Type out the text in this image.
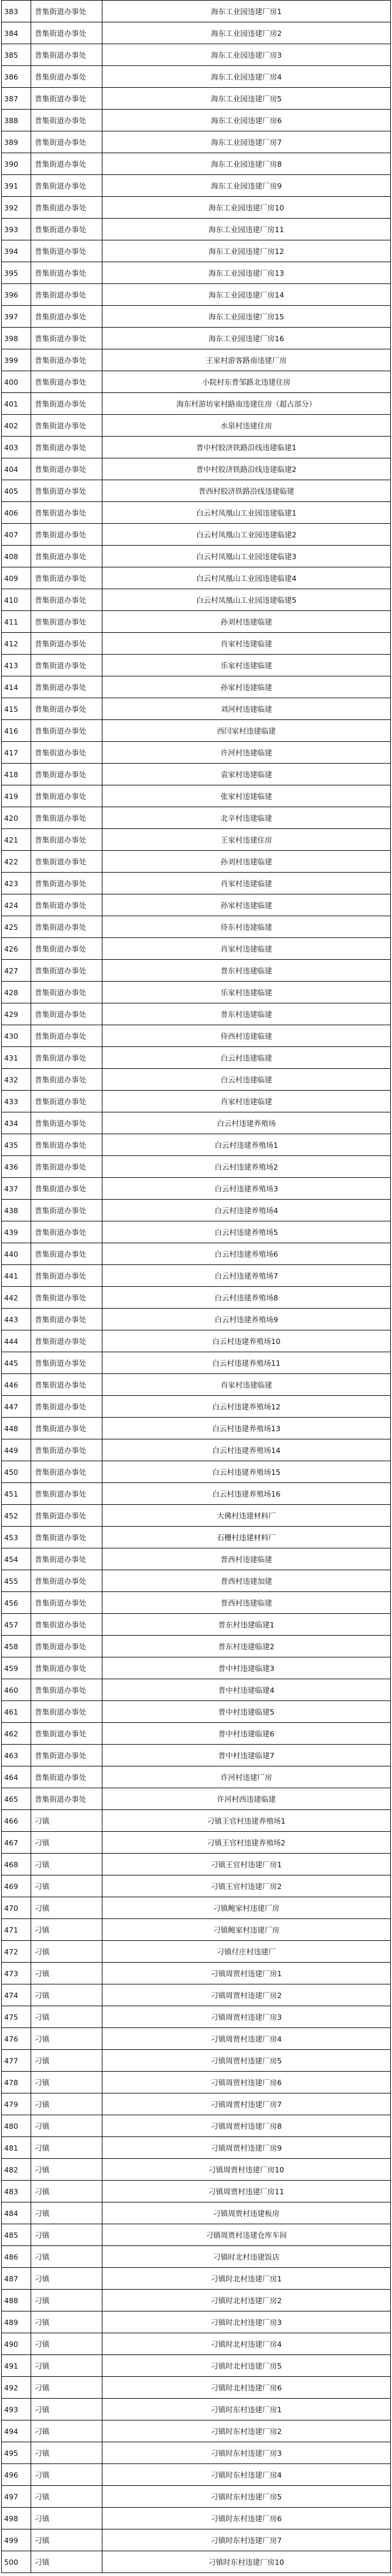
383	普集街道办事处	海东工业园违建厂房1
384	普集街道办事处	海东工业园违建厂房2
385	普集街道办事处	海东工业园违建厂房3
386	普集街道办事处	海东工业园违建厂房4
387	普集街道办事处	海东工业园违建厂房5
388	普集街道办事处	海东工业园违建厂房6
389	普集街道办事处	海东工业园违建厂房7
390	普集街道办事处	海东工业园违建厂房8
391	普集街道办事处	海东工业园违建厂房9
392	普集街道办事处	海东工业园违建厂房10
393	普集街道办事处	海东工业园违建厂房11
394	普集街道办事处	海东工业园违建厂房12
395	普集街道办事处	海东工业园违建厂房13
396	普集街道办事处	海东工业园违建厂房14
397	普集街道办事处	海东工业园违建厂房15
398	普集街道办事处	海东工业园违建厂房16
399	普集街道办事处	王家村游客路南违建厂房
400	普集街道办事处	小院村东普邹路北违建住房
401	普集街道办事处	海东村游坊家村路南违建住房（超占部分）
402	普集街道办事处	水泉村违建住房
403	普集街道办事处	普中村胶济铁路沿线违建临建1
404	普集街道办事处	普中村胶济铁路沿线违建临建2
405	普集街道办事处	普西村胶济铁路沿线违建临建
406	普集街道办事处	白云村凤凰山工业园违建临建1
407	普集街道办事处	白云村凤凰山工业园违建临建2
408	普集街道办事处	白云村凤凰山工业园违建临建3
409	普集街道办事处	白云村凤凰山工业园违建临建4
410	普集街道办事处	白云村凤凰山工业园违建临建5
411	普集街道办事处	孙刘村违建临建
412	普集街道办事处	肖家村违建临建
413	普集街道办事处	乐家村违建临建
414	普集街道办事处	孙家村违建临建
415	普集街道办事处	刘河村违建临建
416	普集街道办事处	西闫家村违建临建
417	普集街道办事处	许河村违建临建
418	普集街道办事处	袁家村违建临建
419	普集街道办事处	张家村违建临建
420	普集街道办事处	北辛村违建临建
421	普集街道办事处	王家村违建住房
422	普集街道办事处	孙刘村违建临建
423	普集街道办事处	肖家村违建临建
424	普集街道办事处	孙家村违建临建
425	普集街道办事处	侍东村违建临建
426	普集街道办事处	肖家村违建临建
427	普集街道办事处	普东村违建临建
428	普集街道办事处	乐家村违建临建
429	普集街道办事处	普东村违建临建
430	普集街道办事处	侍西村违建临建
431	普集街道办事处	白云村违建临建
432	普集街道办事处	白云村违建临建
433	普集街道办事处	肖家村违建临建
434	普集街道办事处	白云村违建养殖场
435	普集街道办事处	白云村违建养殖场1
436	普集街道办事处	白云村违建养殖场2
437	普集街道办事处	白云村违建养殖场3
438	普集街道办事处	白云村违建养殖场4
439	普集街道办事处	白云村违建养殖场5
440	普集街道办事处	白云村违建养殖场6
441	普集街道办事处	白云村违建养殖场7
442	普集街道办事处	白云村违建养殖场8
443	普集街道办事处	白云村违建养殖场9
444	普集街道办事处	白云村违建养殖场10
445	普集街道办事处	白云村违建养殖场11
446	普集街道办事处	肖家村违建临建
447	普集街道办事处	白云村违建养殖场12
448	普集街道办事处	白云村违建养殖场13
449	普集街道办事处	白云村违建养殖场14
450	普集街道办事处	白云村违建养殖场15
451	普集街道办事处	白云村违建养殖场16
452	普集街道办事处	大佛村违建材料厂
453	普集街道办事处	石栅村违建材料厂
454	普集街道办事处	普西村违建临建
455	普集街道办事处	普西村违建加建
456	普集街道办事处	普西村违建临建
457	普集街道办事处	普东村违建临建1
458	普集街道办事处	普东村违建临建2
459	普集街道办事处	普中村违建临建3
460	普集街道办事处	普中村违建临建4
461	普集街道办事处	普中村违建临建5
462	普集街道办事处	普中村违建临建6
463	普集街道办事处	普中村违建临建7
464	普集街道办事处	许河村违建厂房
465	普集街道办事处	许河村西违建临建
466	刁镇	刁镇王官村违建养殖场1
467	刁镇	刁镇王官村违建养殖场2
468	刁镇	刁镇王官村违建厂房1
469	刁镇	刁镇王官村违建厂房2
470	刁镇	刁镇鲍家村违建厂房
471	刁镇	刁镇鲍家村违建厂房
472	刁镇	刁镇付庄村违建厂
473	刁镇	刁镇周贾村违建厂房1
474	刁镇	刁镇周贾村违建厂房2
475	刁镇	刁镇周贾村违建厂房3
476	刁镇	刁镇周贾村违建厂房4
477	刁镇	刁镇周贾村违建厂房5
478	刁镇	刁镇周贾村违建厂房6
479	刁镇	刁镇周贾村违建厂房7
480	刁镇	刁镇周贾村违建厂房8
481	刁镇	刁镇周贾村违建厂房9
482	刁镇	刁镇周贾村违建厂房10
483	刁镇	刁镇周贾村违建厂房11
484	刁镇	刁镇周贾村违建板房
485	刁镇	刁镇周贾村违建仓库车间
486	刁镇	刁镇时北村违建饭店
487	刁镇	刁镇时北村违建厂房1
488	刁镇	刁镇时北村违建厂房2
489	刁镇	刁镇时北村违建厂房3
490	刁镇	刁镇时北村违建厂房4
491	刁镇	刁镇时北村违建厂房5
492	刁镇	刁镇时北村违建厂房6
493	刁镇	刁镇时东村违建厂房1
494	刁镇	刁镇时东村违建厂房2
495	刁镇	刁镇时东村违建厂房3
496	刁镇	刁镇时东村违建厂房4
497	刁镇	刁镇时东村违建厂房5
498	刁镇	刁镇时东村违建厂房6
499	刁镇	刁镇时东村违建厂房7
500	刁镇	刁镇时东村违建厂房10
